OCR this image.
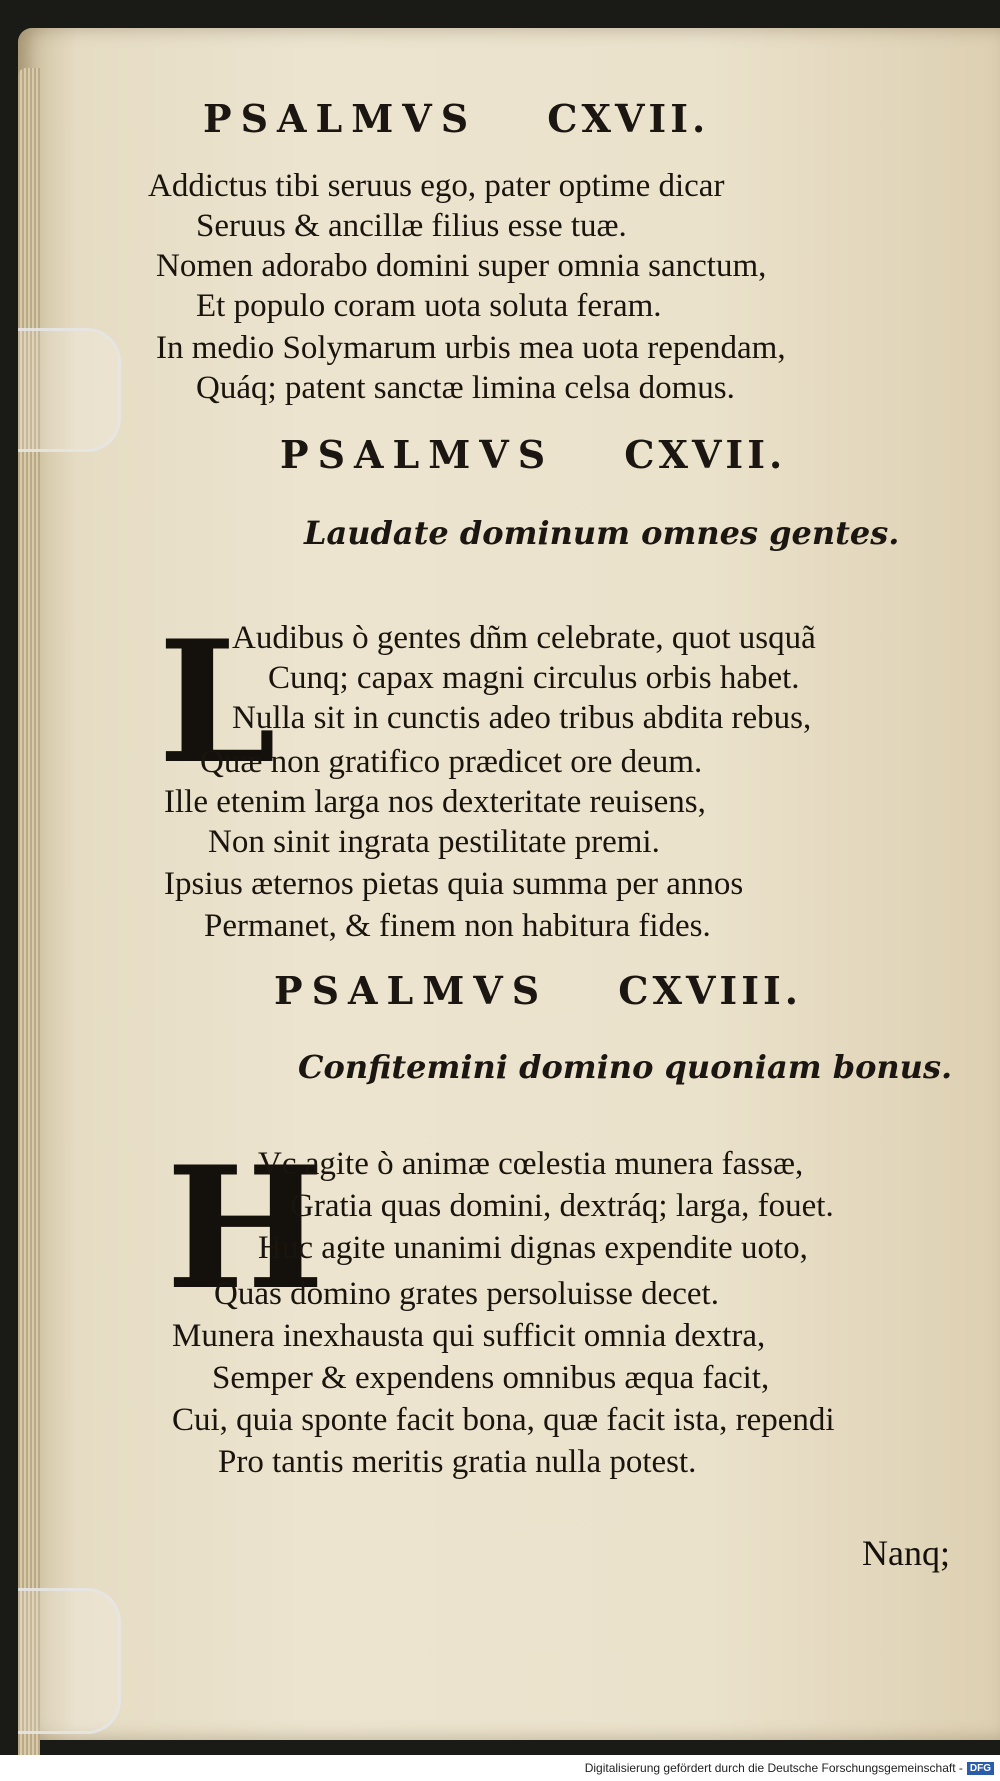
PSALMVS CXVII.
Addictus tibi seruus ego, pater optime dicar
Seruus & ancillæ filius esse tuæ.
Nomen adorabo domini super omnia sanctum,
Et populo coram uota soluta feram.
In medio Solymarum urbis mea uota rependam,
Quáq; patent sanctæ limina celsa domus.
PSALMVS CXVII.
Laudate dominum omnes gentes.
L
Audibus ò gentes dñm celebrate, quot usquã
Cunq; capax magni circulus orbis habet.
Nulla sit in cunctis adeo tribus abdita rebus,
Quæ non gratifico prædicet ore deum.
Ille etenim larga nos dexteritate reuisens,
Non sinit ingrata pestilitate premi.
Ipsius æternos pietas quia summa per annos
Permanet, & finem non habitura fides.
PSALMVS CXVIII.
Confitemini domino quoniam bonus.
H
Vc agite ò animæ cœlestia munera fassæ,
Gratia quas domini, dextráq; larga, fouet.
Huc agite unanimi dignas expendite uoto,
Quas domino grates persoluisse decet.
Munera inexhausta qui sufficit omnia dextra,
Semper & expendens omnibus æqua facit,
Cui, quia sponte facit bona, quæ facit ista, rependi
Pro tantis meritis gratia nulla potest.
Nanq;
Digitalisierung gefördert durch die Deutsche Forschungsgemeinschaft - DFG
